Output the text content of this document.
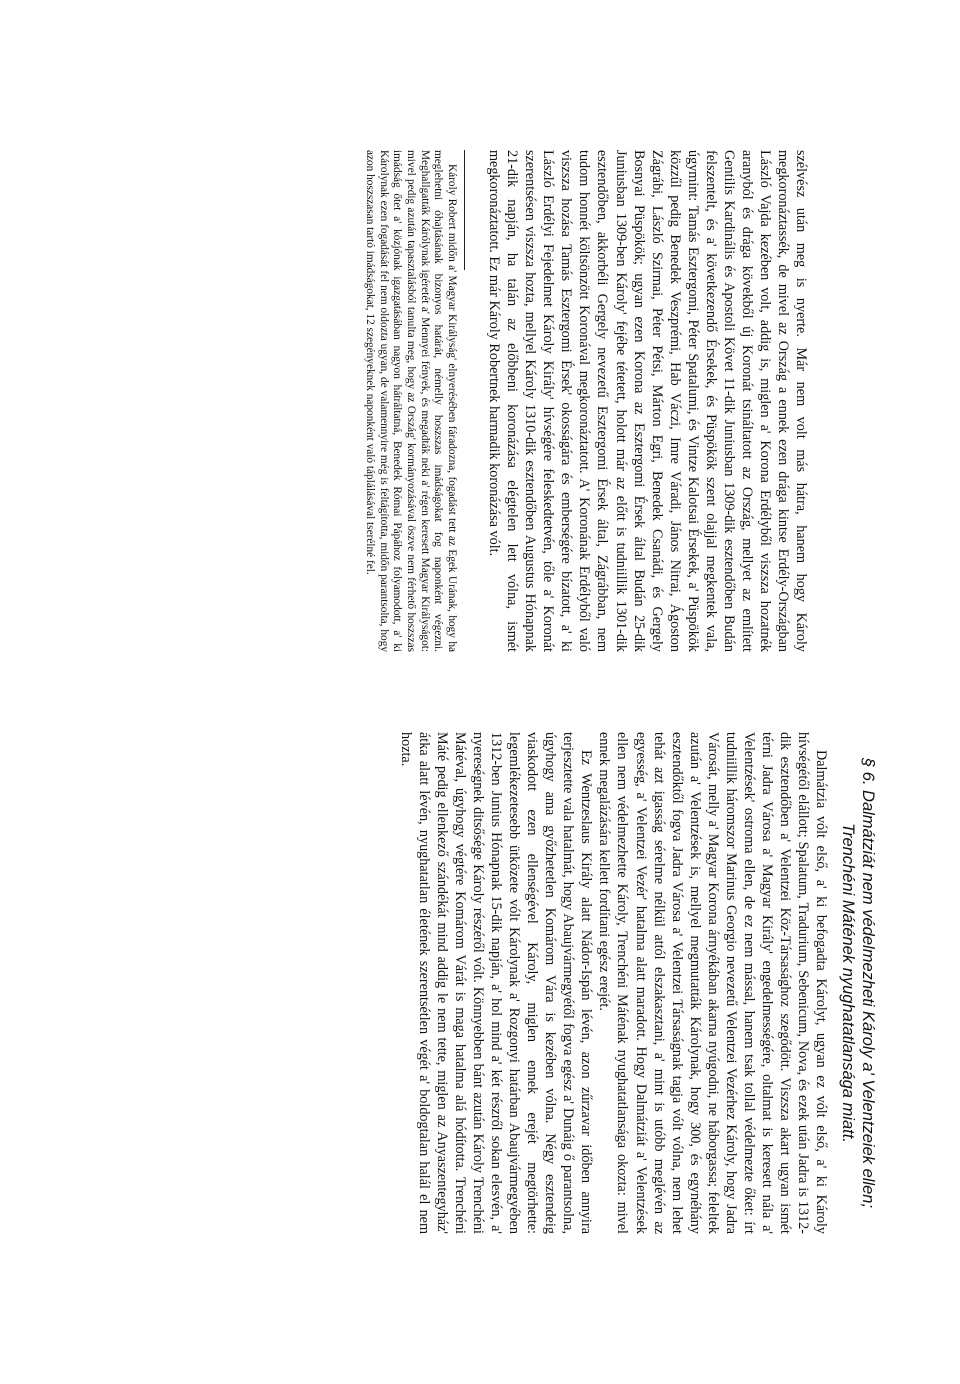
szélvész után meg is nyerte. Már nem volt más hátra, hanem hogy Károly megkoronáztassék, de mivel az Ország a ennek ezen drága kintse Erdély-Országban László Vajda kezében volt, addig is, miglen a' Korona Erdélyből viszsza hozatnék aranyból és drága kövekből új Koronát tsináltatott az Ország, mellyet az említett Gentilis Kardinális és Apostoli Követ 11-dik Juniusban 1309-dik esztendőben Budán felszentelt, és a' következendő Érsekek, és Püspökök szent olajjal megkentek vala, úgymint: Tamás Esztergomi, Péter Spatalumi, és Vintze Kalotsai Érsekek, a' Püspökök közzűl pedig Benedek Veszprémi, Hab Váczi, Imre Váradi, János Nitrai, Ágoston Zágrábi, László Szirmai, Péter Pétsi, Márton Egri, Benedek Csanádi, és Gergely Bosnyai Püspökök; ugyan ezen Korona az Esztergomi Érsek által Budán 25-dik Juniusban 1309-ben Károly' fejébe tétetett, holott már az előtt is tudniillik 1301-dik esztendőben, akkorbéli Gergely nevezetű Esztergomi Érsek által, Zágrábban, nem tudom honnét költsönzött Koronával megkoronáztatott. A' Koronának Erdélyből való viszsza hozása Tamás Esztergomi Érsek' okosságára és emberségére bízatott, a' ki László Erdélyi Fejedelmet Károly Király' hívségére feleskedtetvén, tőle a' Koronát szerentsésen viszsza hozta, mellyel Károly 1310-dik esztendőben Augustus Hónapnak 21-dik napján, ha talán az előbbeni koronázása elégtelen lett vólna, ismét megkoronáztatott. Ez már Károly Robertnek harmadik koronázása vólt.

Károly Robert midőn a' Magyar Királyság' elnyerésében fáradozna, fogadást tett az Egek Urának, hogy ha meglehetni óhajtásának bizonyos határát, némelly hoszszas imádságokat fog naponként végezni. Meghallgatták Kárólynak igéretét a' Mennyei fények, és megadták neki a' régen keresett Magyar Királyságot: mivel pedig azután tapasztalásból tanulta meg, hogy az Ország' kormányozásával öszve nem férhető hoszszas imádság őtet a' közjónak igazgatásában nagyon hátráltatná, Benedek Római Pápához folyamodott, a' ki Károlynak ezen fogadását fel nem oldozta ugyan, de valamennyire még is feltágította, midőn parantsolta, hogy azon hoszszasan tartó imádságokat, 12 szegényeknek naponként való táplálásával tserélné fel.

§ 6. Dalmátziát nem védelmezheti Károly a' Velentzeiek ellen; Trenchéni Mátének nyughatatlansága miatt.

Dalmátzia vólt első, a' ki befogadta Károlyt, ugyan ez vólt első, a' ki Károly hívségétől elállott; Spalatum, Tradurium, Sebenicum, Nova, és ezek után Jadra is 1312-dik esztendőben a' Velentzei Köz-Társasághoz szegődött. Viszsza akart ugyan ismét térni Jadra Városa a' Magyar Király' engedelmességére, oltalmat is keresett nála a' Velentzések' ostroma ellen, de ez nem mással, hanem tsak tollal védelmezte őket: írt tudniillik háromszor Marinus Georgio nevezetű Velentzei Vezérhez Károly, hogy Jadra Városát, melly a' Magyar Korona árnyékában akarna nyúgodni, ne háborgassa; feleltek azután a' Velentzések is, mellyel megmutatták Károlynak, hogy 300, és egynéhány esztendőktől fogva Jadra Városa a' Velentzei Társaságnak tagja vólt vólna, nem lehet tehát azt igasság sérelme nélkül attól elszakasztani, a' mint is utóbb meglévén az egyesség, a' Velentzei Vezér' hatalma alatt maradott. Hogy Dalmátziát a' Velentzések ellen nem védelmezhette Károly, Trenchéni Máténak nyughatatlansága okozta: mivel ennek megalázására kellett fordítani egész erejét.

Ez Wentzeslaus Király alatt Nádor-Ispán lévén, azon zűrzavar időben annyira terjesztette vala hatalmát, hogy Abaujvármegyétől fogva egész a' Dunáig ő parantsolna, úgyhogy ama győzhetetlen Komárom Vára is kezében vólna. Négy esztendeig viaskodott ezen ellenségével Károly, miglen ennek erejét megtörhette: legemlékezetesebb ütközete vólt Károlynak a' Rozgonyi határban Abaujvármegyében 1312-ben Junius Hónapnak 15-dik napján, a' hol mind a' két részről sokan elesvén, a' nyereségnek ditsősége Károly részéről vólt. Könnyebben bánt azután Károly Trenchéni Mátéval, úgyhogy végtére Komárom Várát is maga hatalma alá hódította. Trenchéni Máté pedig ellenkező szándékát mind addig le nem tette, miglen az Anyaszentegyház' átka alatt lévén, nyughatatlan életének szerentsétlen végét a' boldogtalan halál el nem hozta.
